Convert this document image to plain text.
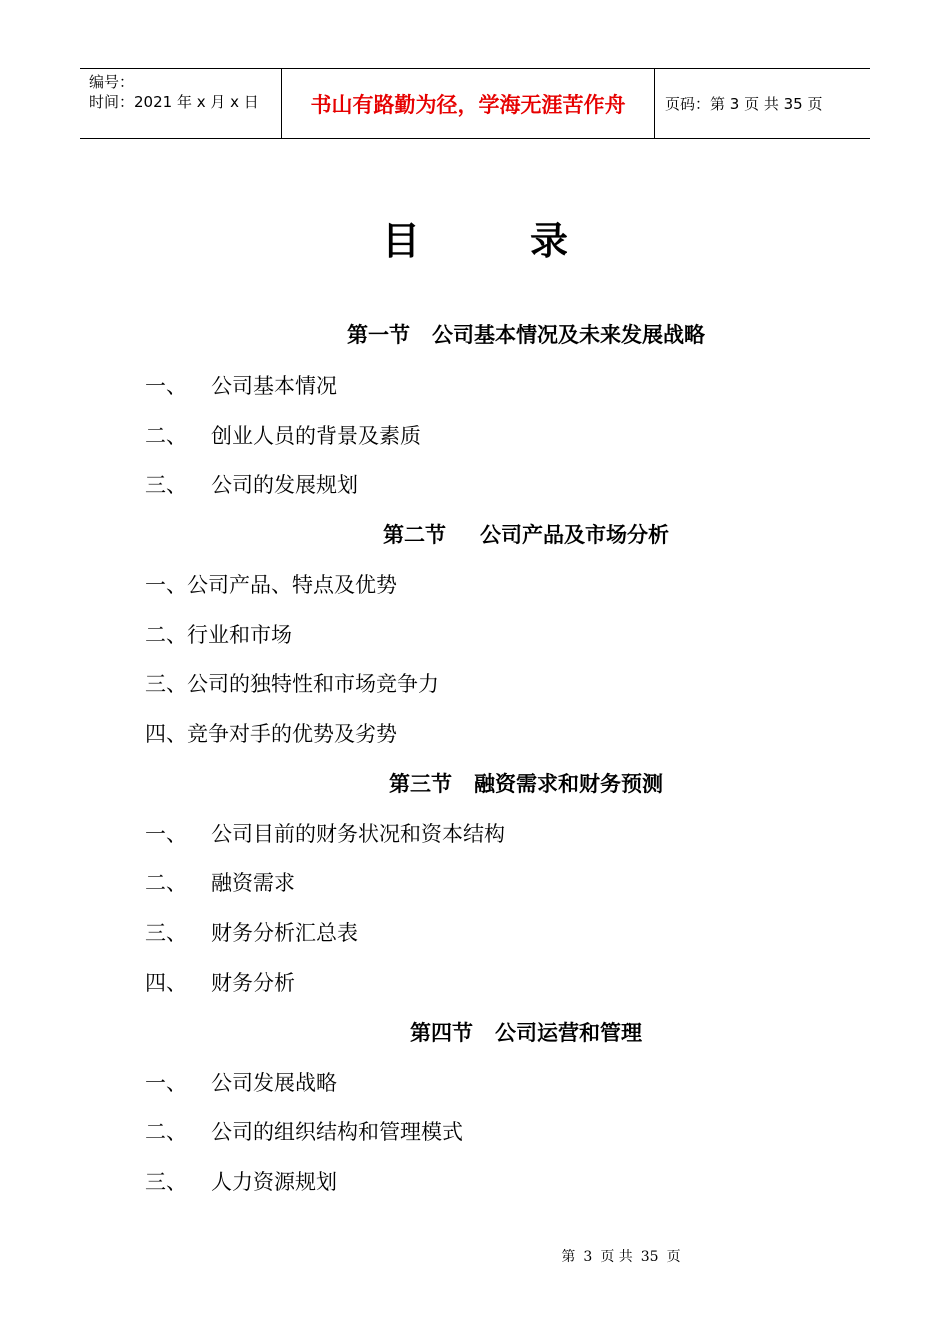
编号：
时间：2021 年 x 月 x 日	书山有路勤为径，学海无涯苦作舟	页码：第 3 页 共 35 页
目	录
第一节 公司基本情况及未来发展战略
一、 公司基本情况
二、 创业人员的背景及素质
三、 公司的发展规划
第二节 公司产品及市场分析
一、公司产品、特点及优势
二、行业和市场
三、公司的独特性和市场竞争力
四、竞争对手的优势及劣势
第三节 融资需求和财务预测
一、 公司目前的财务状况和资本结构
二、 融资需求
三、 财务分析汇总表
四、 财务分析
第四节 公司运营和管理
一、 公司发展战略
二、 公司的组织结构和管理模式
三、 人力资源规划
第 3 页 共 35 页
